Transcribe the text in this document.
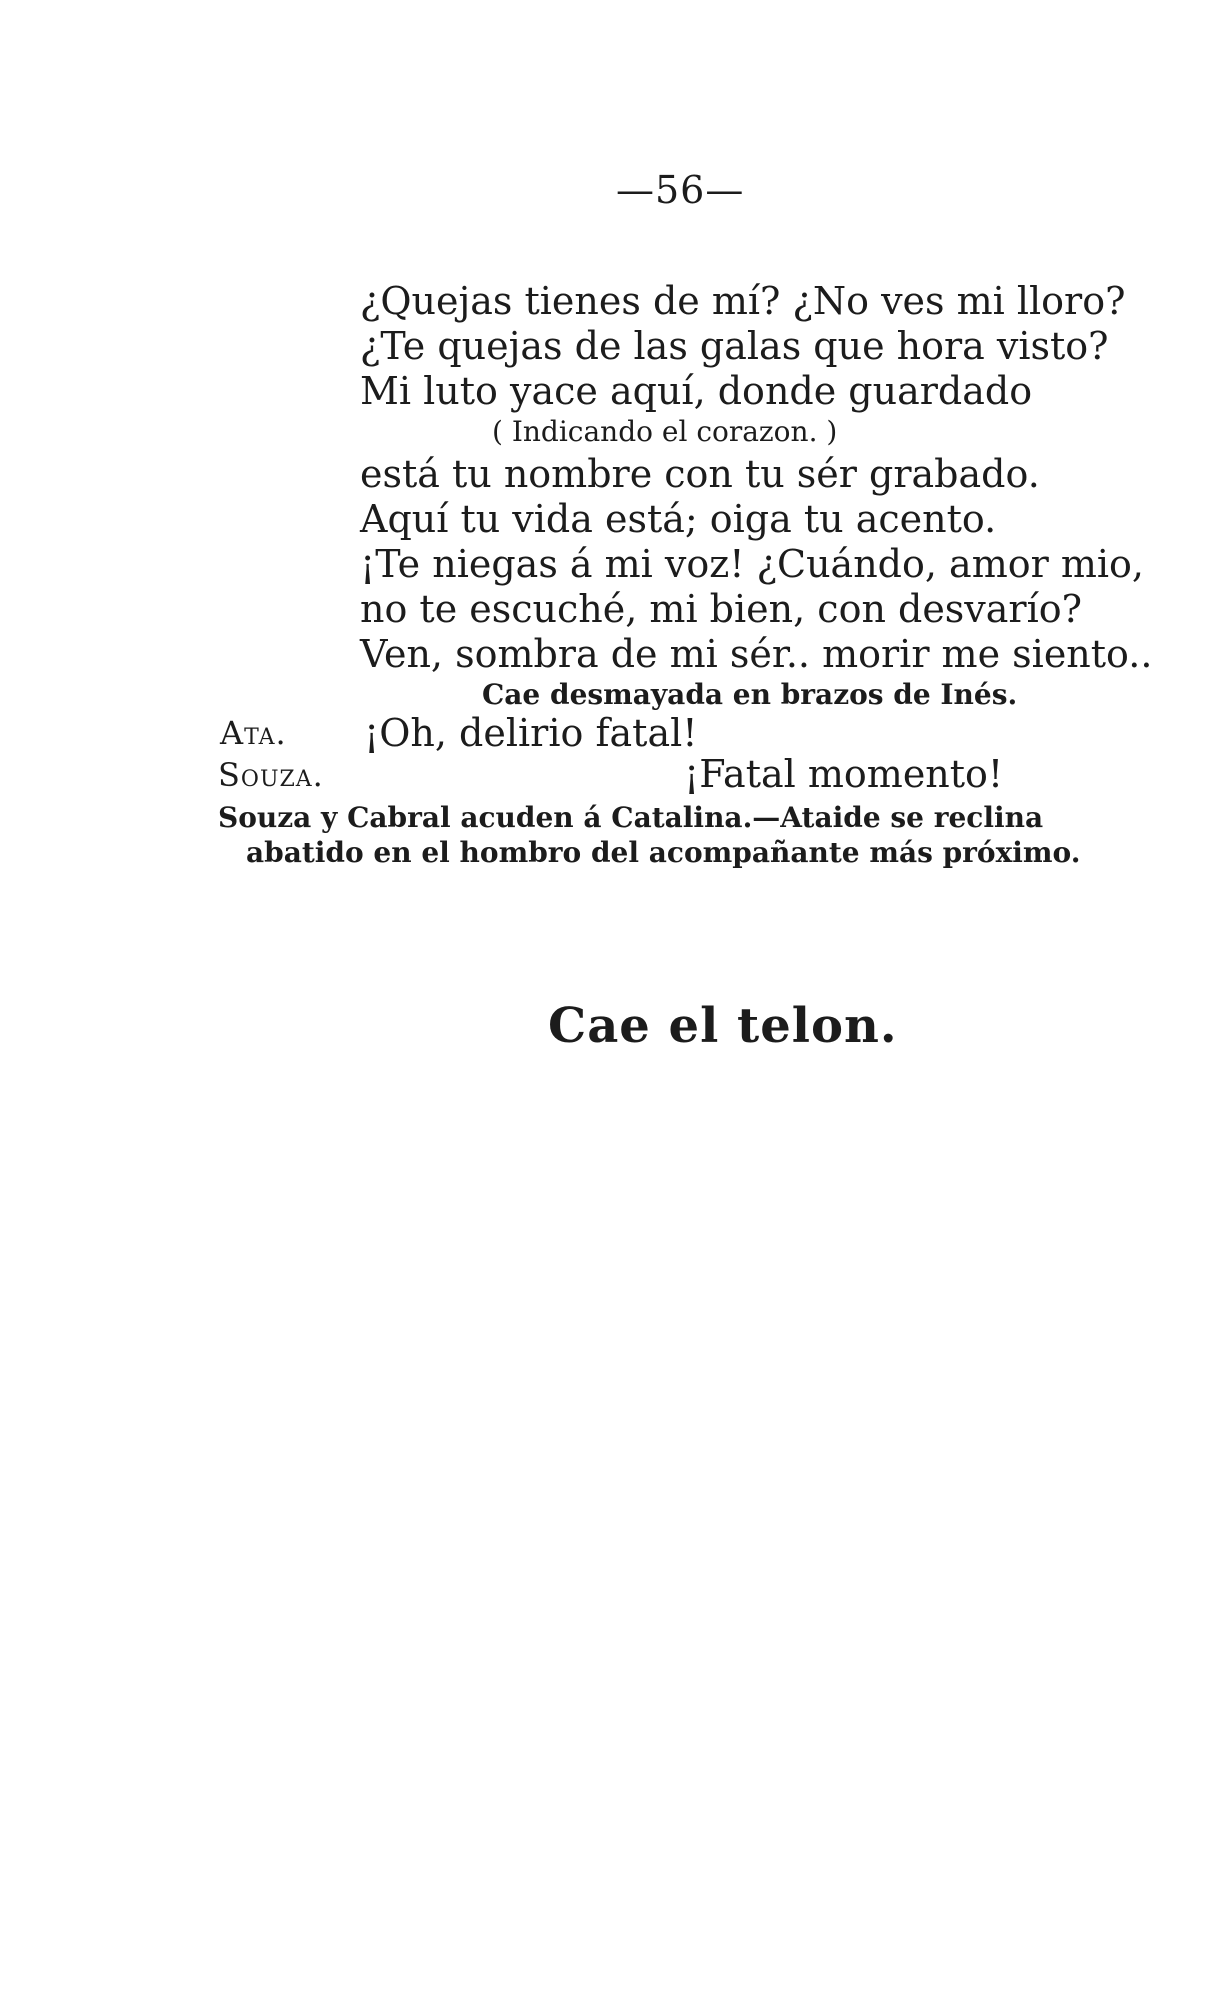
—56—
¿Quejas tienes de mí? ¿No ves mi lloro?
¿Te quejas de las galas que hora visto?
Mi luto yace aquí, donde guardado
( Indicando el corazon. )
está tu nombre con tu sér grabado.
Aquí tu vida está; oiga tu acento.
¡Te niegas á mi voz! ¿Cuándo, amor mio,
no te escuché, mi bien, con desvarío?
Ven, sombra de mi sér.. morir me siento..
Cae desmayada en brazos de Inés.
Ata. ¡Oh, delirio fatal!
Souza.	¡Fatal momento!
Souza y Cabral acuden á Catalina.—Ataide se reclina
abatido en el hombro del acompañante más próximo.
Cae el telon.
